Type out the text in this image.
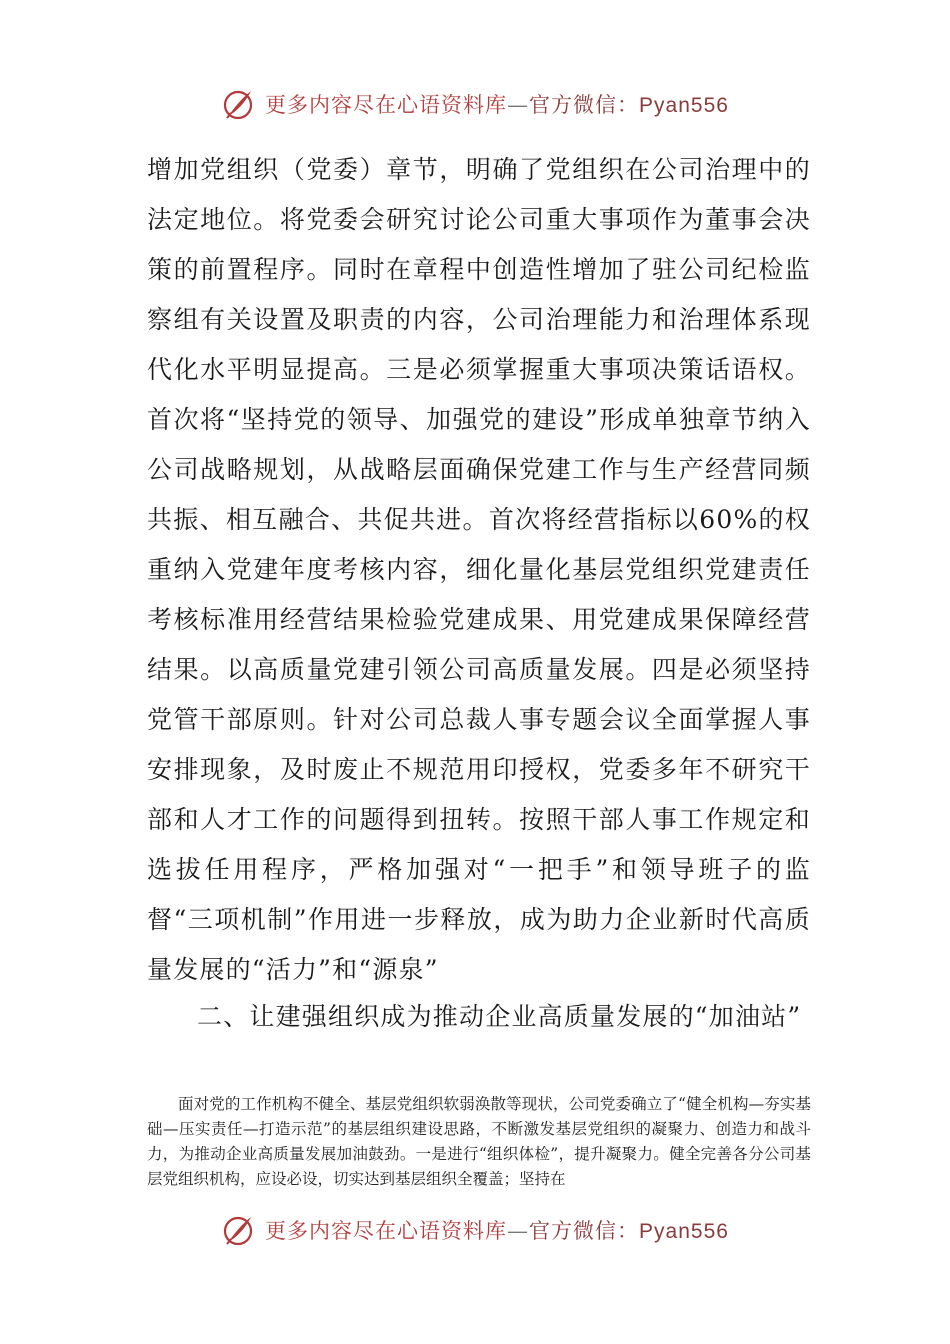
更多内容尽在心语资料库—官方微信：Pyan556
增加党组织（党委）章节，明确了党组织在公司治理中的法定地位。将党委会研究讨论公司重大事项作为董事会决策的前置程序。同时在章程中创造性增加了驻公司纪检监察组有关设置及职责的内容，公司治理能力和治理体系现代化水平明显提高。三是必须掌握重大事项决策话语权。首次将“坚持党的领导、加强党的建设”形成单独章节纳入公司战略规划，从战略层面确保党建工作与生产经营同频共振、相互融合、共促共进。首次将经营指标以60%的权重纳入党建年度考核内容，细化量化基层党组织党建责任考核标准用经营结果检验党建成果、用党建成果保障经营结果。以高质量党建引领公司高质量发展。四是必须坚持党管干部原则。针对公司总裁人事专题会议全面掌握人事安排现象，及时废止不规范用印授权，党委多年不研究干部和人才工作的问题得到扭转。按照干部人事工作规定和选拔任用程序，严格加强对“一把手”和领导班子的监督“三项机制”作用进一步释放，成为助力企业新时代高质量发展的“活力”和“源泉”
二、让建强组织成为推动企业高质量发展的“加油站”
面对党的工作机构不健全、基层党组织软弱涣散等现状，公司党委确立了“健全机构—夯实基础—压实责任—打造示范”的基层组织建设思路，不断激发基层党组织的凝聚力、创造力和战斗力，为推动企业高质量发展加油鼓劲。一是进行“组织体检”，提升凝聚力。健全完善各分公司基层党组织机构，应设必设，切实达到基层组织全覆盖；坚持在
更多内容尽在心语资料库—官方微信：Pyan556
